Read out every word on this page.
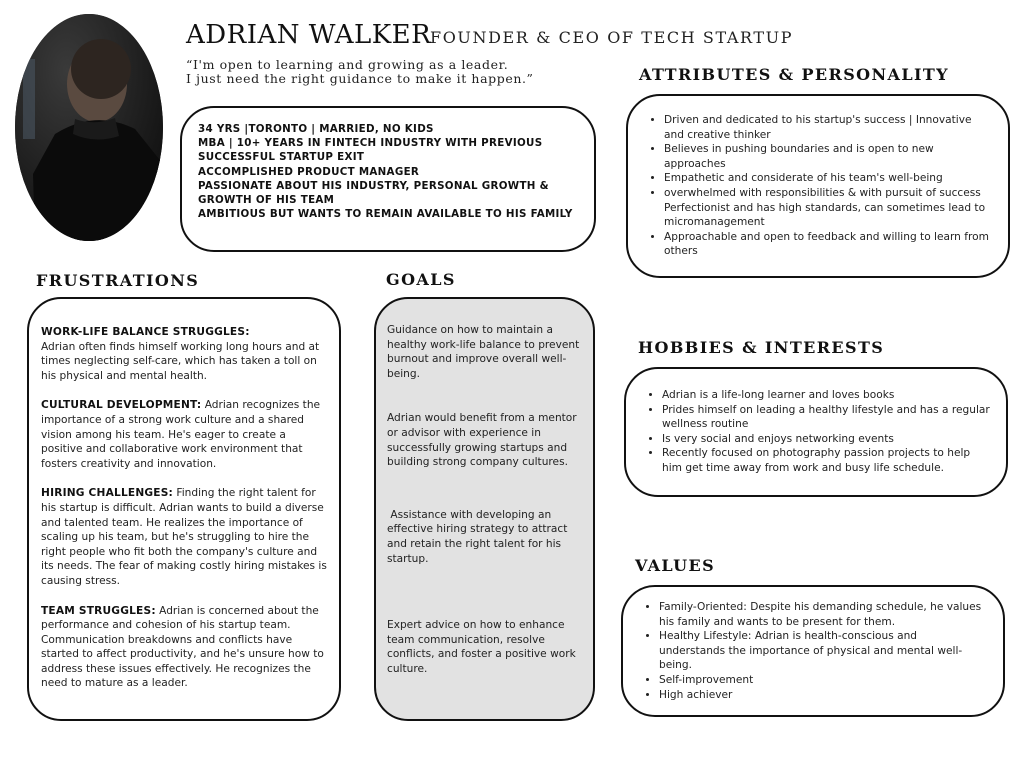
ADRIAN WALKER
FOUNDER & CEO OF TECH STARTUP
“I'm open to learning and growing as a leader.
I just need the right guidance to make it happen.”
34 YRS |TORONTO | MARRIED, NO KIDS
MBA | 10+ YEARS IN FINTECH INDUSTRY WITH PREVIOUS
SUCCESSFUL STARTUP EXIT
ACCOMPLISHED PRODUCT MANAGER
PASSIONATE ABOUT HIS INDUSTRY, PERSONAL GROWTH &
GROWTH OF HIS TEAM
AMBITIOUS BUT WANTS TO REMAIN AVAILABLE TO HIS FAMILY
ATTRIBUTES & PERSONALITY
• Driven and dedicated to his startup's success | Innovative and creative thinker
• Believes in pushing boundaries and is open to new approaches
• Empathetic and considerate of his team's well-being
• overwhelmed with responsibilities & with pursuit of success Perfectionist and has high standards, can sometimes lead to micromanagement
• Approachable and open to feedback and willing to learn from others
FRUSTRATIONS

WORK-LIFE BALANCE STRUGGLES:
Adrian often finds himself working long hours and at times neglecting self-care, which has taken a toll on his physical and mental health.

CULTURAL DEVELOPMENT: Adrian recognizes the importance of a strong work culture and a shared vision among his team. He's eager to create a positive and collaborative work environment that fosters creativity and innovation.

HIRING CHALLENGES: Finding the right talent for his startup is difficult. Adrian wants to build a diverse and talented team. He realizes the importance of scaling up his team, but he's struggling to hire the right people who fit both the company's culture and its needs. The fear of making costly hiring mistakes is causing stress.

TEAM STRUGGLES: Adrian is concerned about the performance and cohesion of his startup team. Communication breakdowns and conflicts have started to affect productivity, and he's unsure how to address these issues effectively. He recognizes the need to mature as a leader.

GOALS

Guidance on how to maintain a healthy work-life balance to prevent burnout and improve overall well-being.

Adrian would benefit from a mentor or advisor with experience in successfully growing startups and building strong company cultures.

Assistance with developing an effective hiring strategy to attract and retain the right talent for his startup.

Expert advice on how to enhance team communication, resolve conflicts, and foster a positive work culture.

HOBBIES & INTERESTS
• Adrian is a life-long learner and loves books
• Prides himself on leading a healthy lifestyle and has a regular wellness routine
• Is very social and enjoys networking events
• Recently focused on photography passion projects to help him get time away from work and busy life schedule.
VALUES
• Family-Oriented: Despite his demanding schedule, he values his family and wants to be present for them.
• Healthy Lifestyle: Adrian is health-conscious and understands the importance of physical and mental well-being.
• Self-improvement
• High achiever
